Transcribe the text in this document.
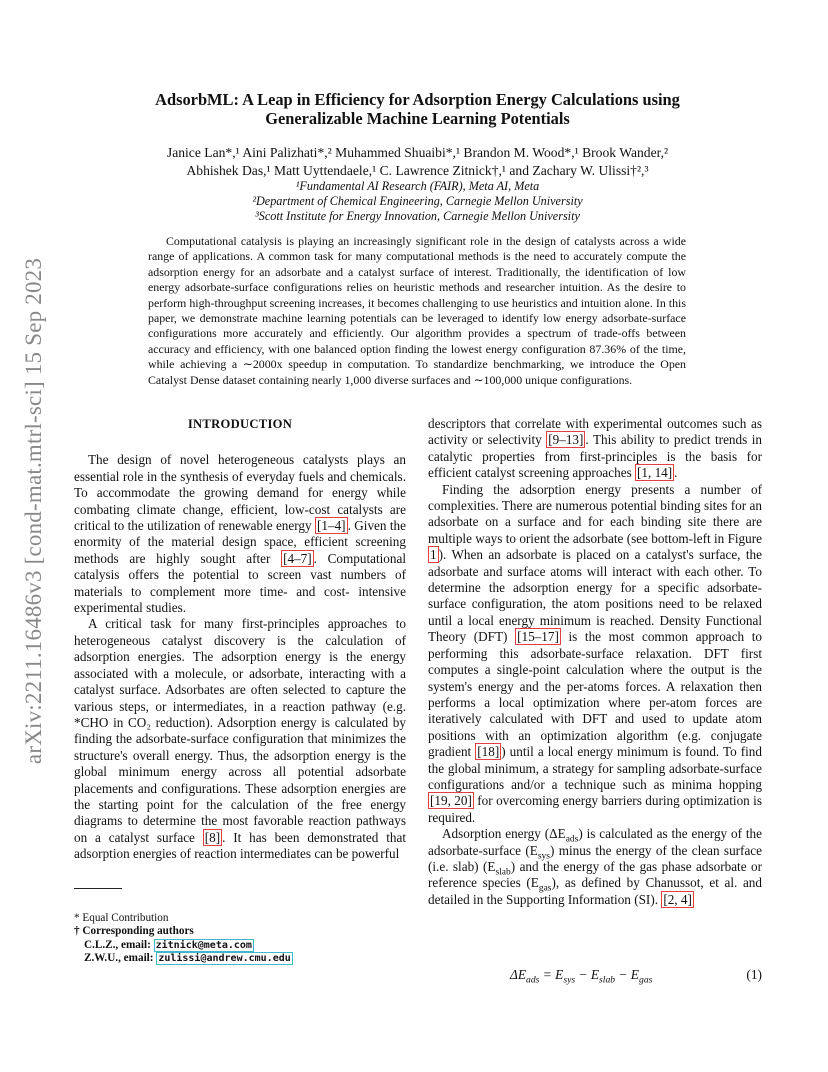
arXiv:2211.16486v3 [cond-mat.mtrl-sci] 15 Sep 2023
AdsorbML: A Leap in Efficiency for Adsorption Energy Calculations using
Generalizable Machine Learning Potentials
Janice Lan*,¹ Aini Palizhati*,² Muhammed Shuaibi*,¹ Brandon M. Wood*,¹ Brook Wander,²
Abhishek Das,¹ Matt Uyttendaele,¹ C. Lawrence Zitnick†,¹ and Zachary W. Ulissi†²,³
¹Fundamental AI Research (FAIR), Meta AI, Meta
²Department of Chemical Engineering, Carnegie Mellon University
³Scott Institute for Energy Innovation, Carnegie Mellon University
Computational catalysis is playing an increasingly significant role in the design of catalysts across a wide range of applications. A common task for many computational methods is the need to accurately compute the adsorption energy for an adsorbate and a catalyst surface of interest. Traditionally, the identification of low energy adsorbate-surface configurations relies on heuristic methods and researcher intuition. As the desire to perform high-throughput screening increases, it becomes challenging to use heuristics and intuition alone. In this paper, we demonstrate machine learning potentials can be leveraged to identify low energy adsorbate-surface configurations more accurately and efficiently. Our algorithm provides a spectrum of trade-offs between accuracy and efficiency, with one balanced option finding the lowest energy configuration 87.36% of the time, while achieving a ∼2000x speedup in computation. To standardize benchmarking, we introduce the Open Catalyst Dense dataset containing nearly 1,000 diverse surfaces and ∼100,000 unique configurations.
INTRODUCTION

The design of novel heterogeneous catalysts plays an essential role in the synthesis of everyday fuels and chemicals. To accommodate the growing demand for energy while combating climate change, efficient, low-cost catalysts are critical to the utilization of renewable energy [1–4] . Given the enormity of the material design space, efficient screening methods are highly sought after [4–7] . Computational catalysis offers the potential to screen vast numbers of materials to complement more time- and cost- intensive experimental studies.

A critical task for many first-principles approaches to heterogeneous catalyst discovery is the calculation of adsorption energies. The adsorption energy is the energy associated with a molecule, or adsorbate, interacting with a catalyst surface. Adsorbates are often selected to capture the various steps, or intermediates, in a reaction pathway (e.g. *CHO in CO₂ reduction). Adsorption energy is calculated by finding the adsorbate-surface configuration that minimizes the structure's overall energy. Thus, the adsorption energy is the global minimum energy across all potential adsorbate placements and configurations. These adsorption energies are the starting point for the calculation of the free energy diagrams to determine the most favorable reaction pathways on a catalyst surface [8] . It has been demonstrated that adsorption energies of reaction intermediates can be powerful

descriptors that correlate with experimental outcomes such as activity or selectivity [9–13] . This ability to predict trends in catalytic properties from first-principles is the basis for efficient catalyst screening approaches [1, 14] .

Finding the adsorption energy presents a number of complexities. There are numerous potential binding sites for an adsorbate on a surface and for each binding site there are multiple ways to orient the adsorbate (see bottom-left in Figure 1 ). When an adsorbate is placed on a catalyst's surface, the adsorbate and surface atoms will interact with each other. To determine the adsorption energy for a specific adsorbate-surface configuration, the atom positions need to be relaxed until a local energy minimum is reached. Density Functional Theory (DFT) [15–17] is the most common approach to performing this adsorbate-surface relaxation. DFT first computes a single-point calculation where the output is the system's energy and the per-atoms forces. A relaxation then performs a local optimization where per-atom forces are iteratively calculated with DFT and used to update atom positions with an optimization algorithm (e.g. conjugate gradient [18] ) until a local energy minimum is found. To find the global minimum, a strategy for sampling adsorbate-surface configurations and/or a technique such as minima hopping [19, 20] for overcoming energy barriers during optimization is required.

Adsorption energy $(\Delta E_{ads})$ is calculated as the energy of the adsorbate-surface $(E_{sys})$ minus the energy of the clean surface (i.e. slab) $(E_{slab})$ and the energy of the gas phase adsorbate or reference species $(E_{gas})$, as defined by Chanussot, et al. and detailed in the Supporting Information (SI). [2, 4]

* Equal Contribution
† Corresponding authors
C.L.Z., email: zitnick@meta.com
Z.W.U., email: zulissi@andrew.cmu.edu
$\Delta E_{ads} = E_{sys} - E_{slab} - E_{gas}$	(1)
